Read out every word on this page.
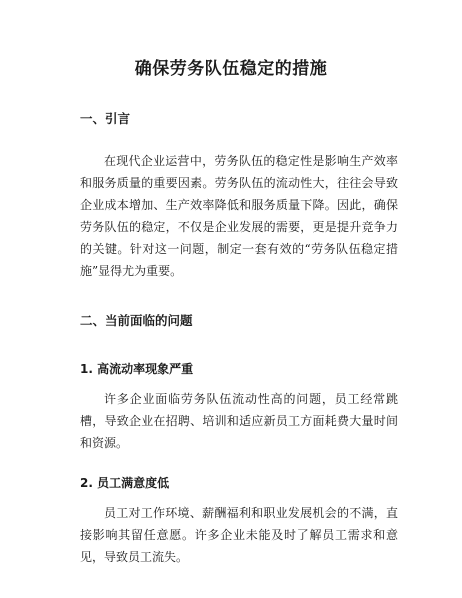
确保劳务队伍稳定的措施
一、引言

在现代企业运营中，劳务队伍的稳定性是影响生产效率和服务质量的重要因素。劳务队伍的流动性大，往往会导致企业成本增加、生产效率降低和服务质量下降。因此，确保劳务队伍的稳定，不仅是企业发展的需要，更是提升竞争力的关键。针对这一问题，制定一套有效的“劳务队伍稳定措施”显得尤为重要。

二、当前面临的问题
1. 高流动率现象严重

许多企业面临劳务队伍流动性高的问题，员工经常跳槽，导致企业在招聘、培训和适应新员工方面耗费大量时间和资源。

2. 员工满意度低

员工对工作环境、薪酬福利和职业发展机会的不满，直接影响其留任意愿。许多企业未能及时了解员工需求和意见，导致员工流失。
